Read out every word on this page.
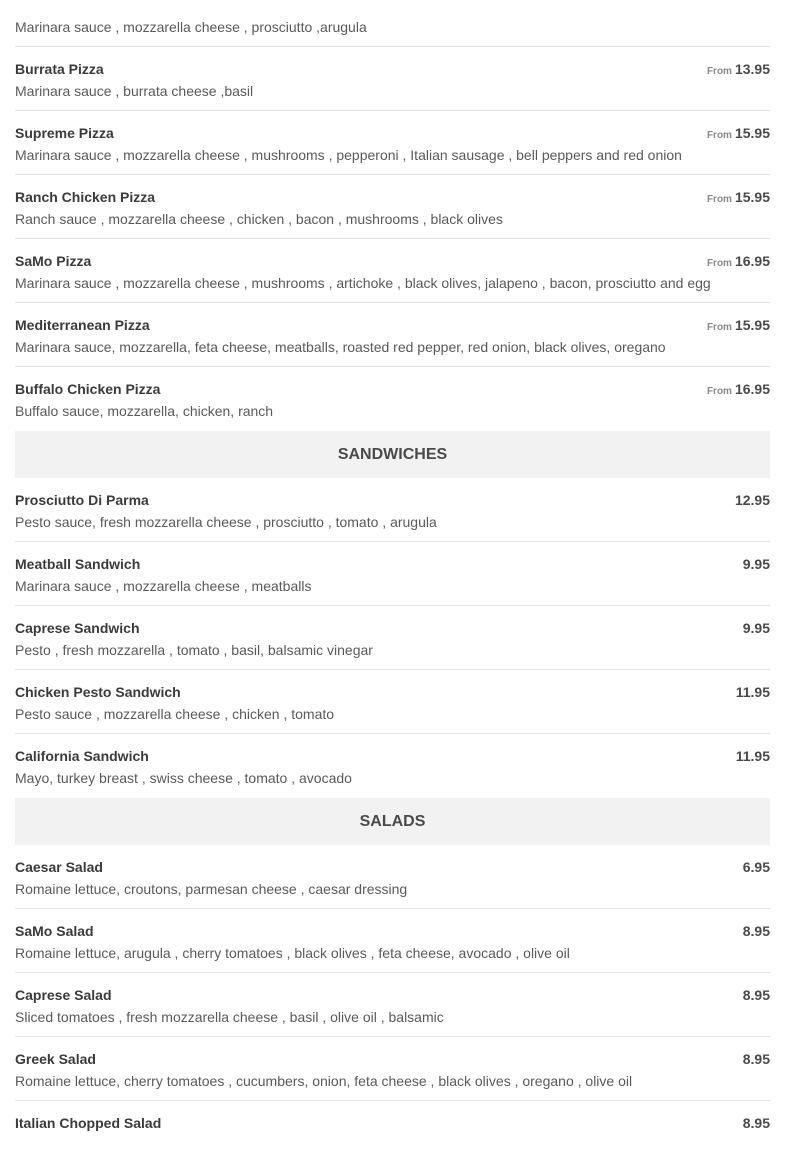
Marinara sauce , mozzarella cheese , prosciutto ,arugula
Burrata Pizza	From 13.95
Marinara sauce , burrata cheese ,basil
Supreme Pizza	From 15.95
Marinara sauce , mozzarella cheese , mushrooms , pepperoni , Italian sausage , bell peppers and red onion
Ranch Chicken Pizza	From 15.95
Ranch sauce , mozzarella cheese , chicken , bacon , mushrooms , black olives
SaMo Pizza	From 16.95
Marinara sauce , mozzarella cheese , mushrooms , artichoke , black olives, jalapeno , bacon, prosciutto and egg
Mediterranean Pizza	From 15.95
Marinara sauce, mozzarella, feta cheese, meatballs, roasted red pepper, red onion, black olives, oregano
Buffalo Chicken Pizza	From 16.95
Buffalo sauce, mozzarella, chicken, ranch
SANDWICHES
Prosciutto Di Parma	12.95
Pesto sauce, fresh mozzarella cheese , prosciutto , tomato , arugula
Meatball Sandwich	9.95
Marinara sauce , mozzarella cheese , meatballs
Caprese Sandwich	9.95
Pesto , fresh mozzarella , tomato , basil, balsamic vinegar
Chicken Pesto Sandwich	11.95
Pesto sauce , mozzarella cheese , chicken , tomato
California Sandwich	11.95
Mayo, turkey breast , swiss cheese , tomato , avocado
SALADS
Caesar Salad	6.95
Romaine lettuce, croutons, parmesan cheese , caesar dressing
SaMo Salad	8.95
Romaine lettuce, arugula , cherry tomatoes , black olives , feta cheese, avocado , olive oil
Caprese Salad	8.95
Sliced tomatoes , fresh mozzarella cheese , basil , olive oil , balsamic
Greek Salad	8.95
Romaine lettuce, cherry tomatoes , cucumbers, onion, feta cheese , black olives , oregano , olive oil
Italian Chopped Salad	8.95
